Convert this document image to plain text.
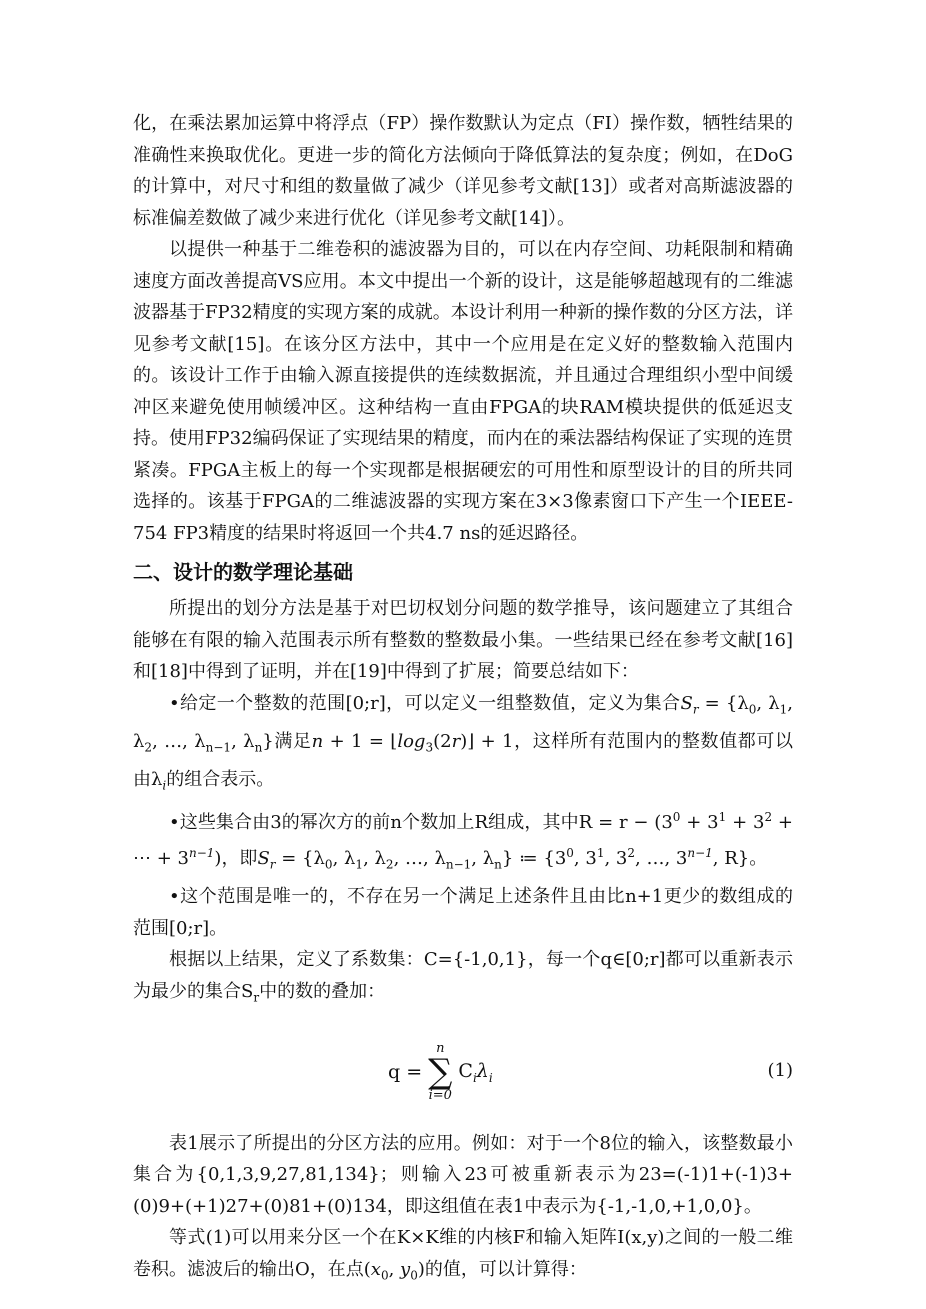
化，在乘法累加运算中将浮点（FP）操作数默认为定点（FI）操作数，牺牲结果的准确性来换取优化。更进一步的简化方法倾向于降低算法的复杂度；例如，在DoG的计算中，对尺寸和组的数量做了减少（详见参考文献[13]）或者对高斯滤波器的标准偏差数做了减少来进行优化（详见参考文献[14]）。

以提供一种基于二维卷积的滤波器为目的，可以在内存空间、功耗限制和精确速度方面改善提高VS应用。本文中提出一个新的设计，这是能够超越现有的二维滤波器基于FP32精度的实现方案的成就。本设计利用一种新的操作数的分区方法，详见参考文献[15]。在该分区方法中，其中一个应用是在定义好的整数输入范围内的。该设计工作于由输入源直接提供的连续数据流，并且通过合理组织小型中间缓冲区来避免使用帧缓冲区。这种结构一直由FPGA的块RAM模块提供的低延迟支持。使用FP32编码保证了实现结果的精度，而内在的乘法器结构保证了实现的连贯紧凑。FPGA主板上的每一个实现都是根据硬宏的可用性和原型设计的目的所共同选择的。该基于FPGA的二维滤波器的实现方案在3×3像素窗口下产生一个IEEE-754 FP3精度的结果时将返回一个共4.7 ns的延迟路径。

二、设计的数学理论基础

所提出的划分方法是基于对巴切权划分问题的数学推导，该问题建立了其组合能够在有限的输入范围表示所有整数的整数最小集。一些结果已经在参考文献[16]和[18]中得到了证明，并在[19]中得到了扩展；简要总结如下：

•给定一个整数的范围[0;r]，可以定义一组整数值，定义为集合$S_r = \{\lambda_0$, $\lambda_1$, $\lambda_2$, …, $\lambda_{n-1}$, $\lambda_n$}满足$n + 1 = ⌊\log_3(2r)⌋ + 1$，这样所有范围内的整数值都可以由$\lambda_i$的组合表示。

•这些集合由3的幂次方的前n个数加上R组成，其中$R = r - (3^0 + 3^1 + 3^2$ + ⋯ + $3^{n-1}$)，即$S_r = \{\lambda_0$, $\lambda_1$, $\lambda_2$, …, $\lambda_{n-1}$, $\lambda_n$} ≔ {$3^0$, $3^1$, $3^2$, …, $3^{n-1}$, R}。

•这个范围是唯一的，不存在另一个满足上述条件且由比n+1更少的数组成的范围[0;r]。

根据以上结果，定义了系数集：C={-1,0,1}，每一个q∈[0;r]都可以重新表示为最少的集合$S_r$中的数的叠加：

q =
n
∑
i=0
$C_i\lambda_i$	(1)

表1展示了所提出的分区方法的应用。例如：对于一个8位的输入，该整数最小集合为{0,1,3,9,27,81,134}；则输入23可被重新表示为23=(-1)1+(-1)3+(0)9+(+1)27+(0)81+(0)134，即这组值在表1中表示为{-1,-1,0,+1,0,0}。

等式(1)可以用来分区一个在K×K维的内核F和输入矩阵I(x,y)之间的一般二维卷积。滤波后的输出O，在点($x_0$, $y_0$)的值，可以计算得：
